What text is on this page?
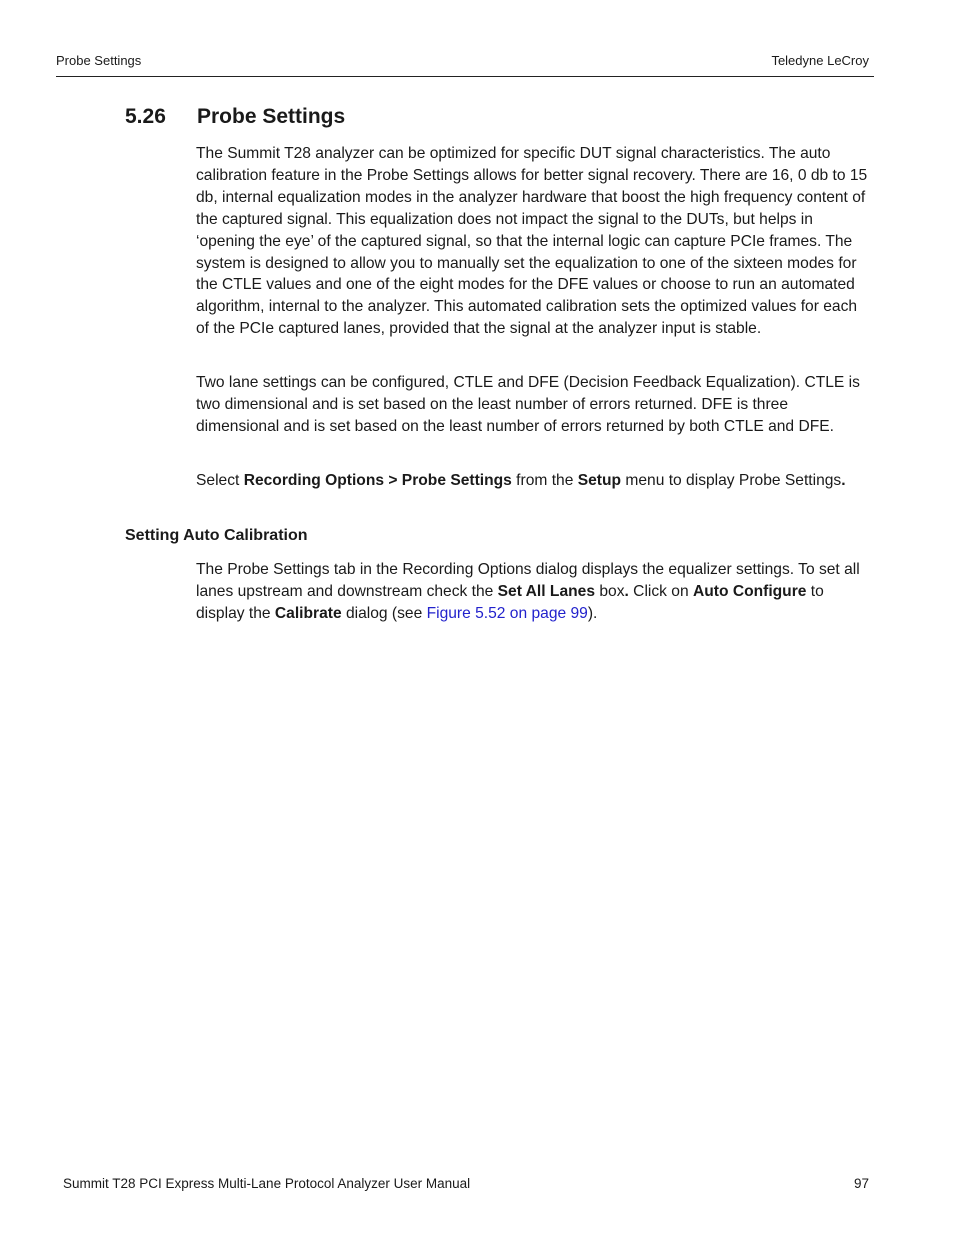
Probe Settings	Teledyne LeCroy
5.26 Probe Settings

The Summit T28 analyzer can be optimized for specific DUT signal characteristics. The auto calibration feature in the Probe Settings allows for better signal recovery. There are 16, 0 db to 15 db, internal equalization modes in the analyzer hardware that boost the high frequency content of the captured signal. This equalization does not impact the signal to the DUTs, but helps in ‘opening the eye’ of the captured signal, so that the internal logic can capture PCIe frames. The system is designed to allow you to manually set the equalization to one of the sixteen modes for the CTLE values and one of the eight modes for the DFE values or choose to run an automated algorithm, internal to the analyzer. This automated calibration sets the optimized values for each of the PCIe captured lanes, provided that the signal at the analyzer input is stable.

Two lane settings can be configured, CTLE and DFE (Decision Feedback Equalization). CTLE is two dimensional and is set based on the least number of errors returned. DFE is three dimensional and is set based on the least number of errors returned by both CTLE and DFE.

Select Recording Options > Probe Settings from the Setup menu to display Probe Settings.

Setting Auto Calibration

The Probe Settings tab in the Recording Options dialog displays the equalizer settings. To set all lanes upstream and downstream check the Set All Lanes box. Click on Auto Configure to display the Calibrate dialog (see Figure 5.52 on page 99).

Summit T28 PCI Express Multi-Lane Protocol Analyzer User Manual	97
